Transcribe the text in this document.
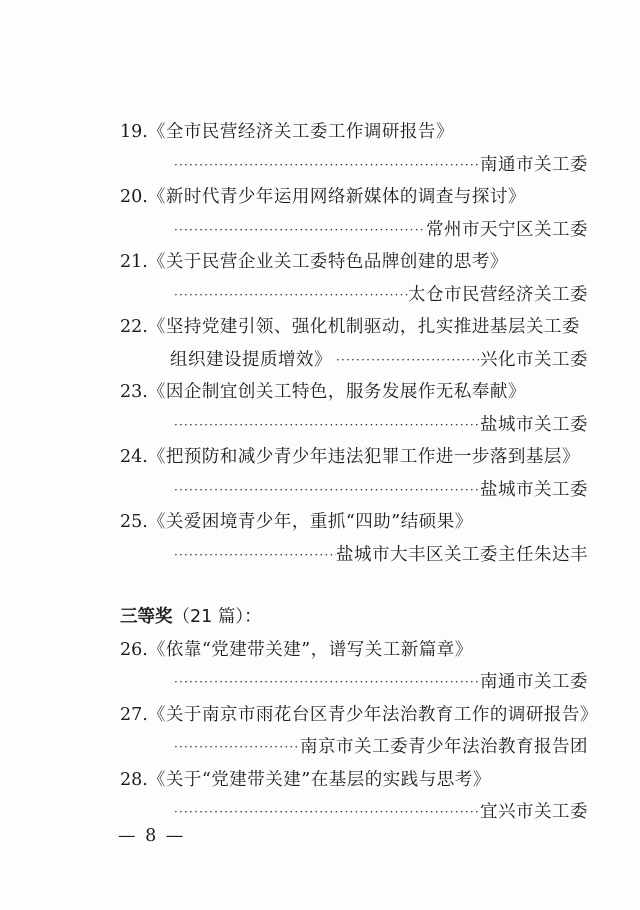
19. 《全市民营经济关工委工作调研报告》
·····
南通市关工委
20. 《新时代青少年运用网络新媒体的调查与探讨》
·····
常州市天宁区关工委
21. 《关于民营企业关工委特色品牌创建的思考》
·····
太仓市民营经济关工委
22. 《坚持党建引领、强化机制驱动，扎实推进基层关工委
组织建设提质增效》
·····	兴化市关工委
23. 《因企制宜创关工特色，服务发展作无私奉献》
·····
盐城市关工委
24. 《把预防和减少青少年违法犯罪工作进一步落到基层》
·····
盐城市关工委
25. 《关爱困境青少年，重抓“四助”结硕果》
·····
盐城市大丰区关工委主任朱达丰
三等奖（21 篇）：
26. 《依靠“党建带关建”，谱写关工新篇章》
·····
南通市关工委
27. 《关于南京市雨花台区青少年法治教育工作的调研报告》
·····
南京市关工委青少年法治教育报告团
28. 《关于“党建带关建”在基层的实践与思考》
·····
宜兴市关工委
— 8 —
